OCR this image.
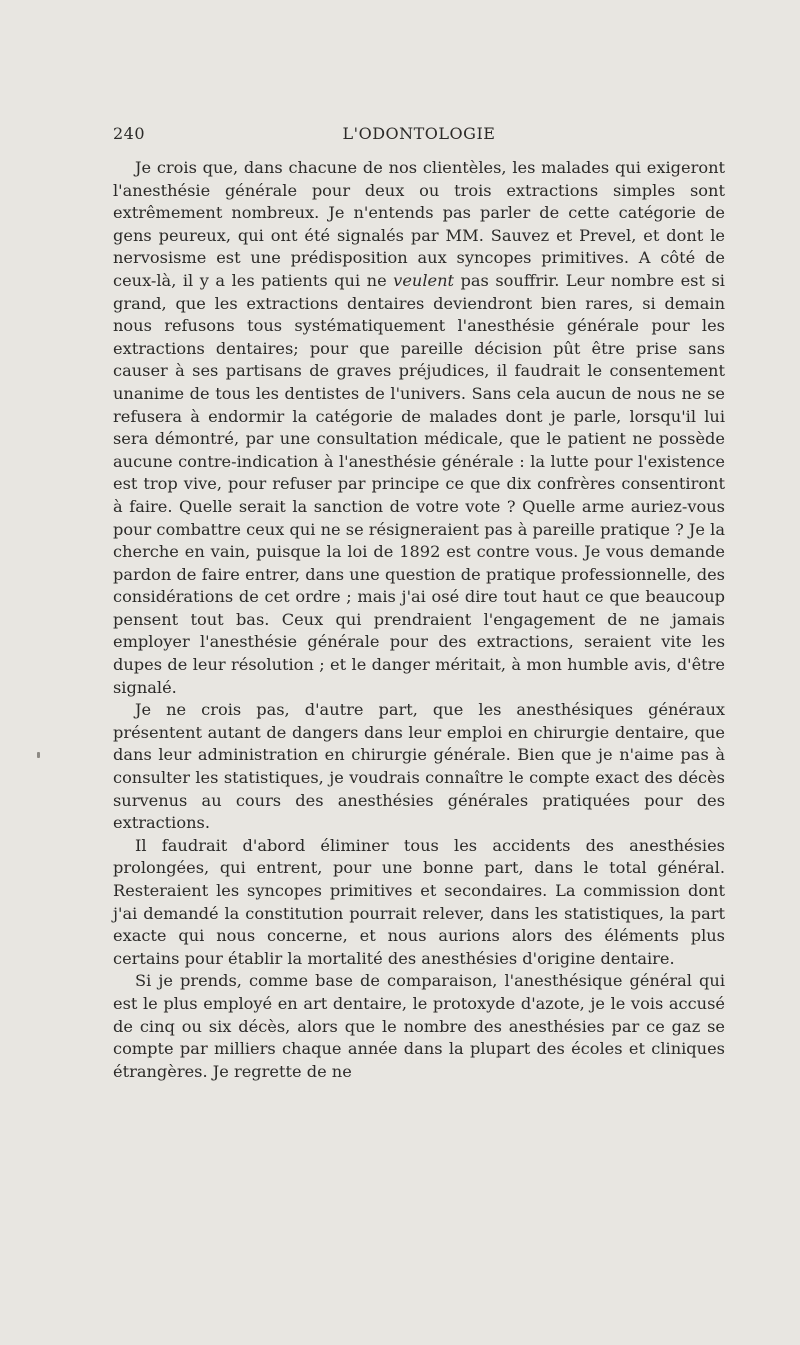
240	L'ODONTOLOGIE

Je crois que, dans chacune de nos clientèles, les malades qui exigeront l'anesthésie générale pour deux ou trois extractions simples sont extrêmement nombreux. Je n'entends pas parler de cette catégorie de gens peureux, qui ont été signalés par MM. Sauvez et Prevel, et dont le nervosisme est une prédisposition aux syncopes primitives. A côté de ceux-là, il y a les patients qui ne veulent pas souffrir. Leur nombre est si grand, que les extractions dentaires deviendront bien rares, si demain nous refusons tous systématiquement l'anesthésie générale pour les extractions dentaires; pour que pareille décision pût être prise sans causer à ses partisans de graves préjudices, il faudrait le consentement unanime de tous les dentistes de l'univers. Sans cela aucun de nous ne se refusera à endormir la catégorie de malades dont je parle, lorsqu'il lui sera démontré, par une consultation médicale, que le patient ne possède aucune contre-indication à l'anesthésie générale : la lutte pour l'existence est trop vive, pour refuser par principe ce que dix confrères consentiront à faire. Quelle serait la sanction de votre vote ? Quelle arme auriez-vous pour combattre ceux qui ne se résigneraient pas à pareille pratique ? Je la cherche en vain, puisque la loi de 1892 est contre vous. Je vous demande pardon de faire entrer, dans une question de pratique professionnelle, des considérations de cet ordre ; mais j'ai osé dire tout haut ce que beaucoup pensent tout bas. Ceux qui prendraient l'engagement de ne jamais employer l'anesthésie générale pour des extractions, seraient vite les dupes de leur résolution ; et le danger méritait, à mon humble avis, d'être signalé.

Je ne crois pas, d'autre part, que les anesthésiques généraux présentent autant de dangers dans leur emploi en chirurgie dentaire, que dans leur administration en chirurgie générale. Bien que je n'aime pas à consulter les statistiques, je voudrais connaître le compte exact des décès survenus au cours des anesthésies générales pratiquées pour des extractions.

Il faudrait d'abord éliminer tous les accidents des anesthésies prolongées, qui entrent, pour une bonne part, dans le total général. Resteraient les syncopes primitives et secondaires. La commission dont j'ai demandé la constitution pourrait relever, dans les statistiques, la part exacte qui nous concerne, et nous aurions alors des éléments plus certains pour établir la mortalité des anesthésies d'origine dentaire.

Si je prends, comme base de comparaison, l'anesthésique général qui est le plus employé en art dentaire, le protoxyde d'azote, je le vois accusé de cinq ou six décès, alors que le nombre des anesthésies par ce gaz se compte par milliers chaque année dans la plupart des écoles et cliniques étrangères. Je regrette de ne
